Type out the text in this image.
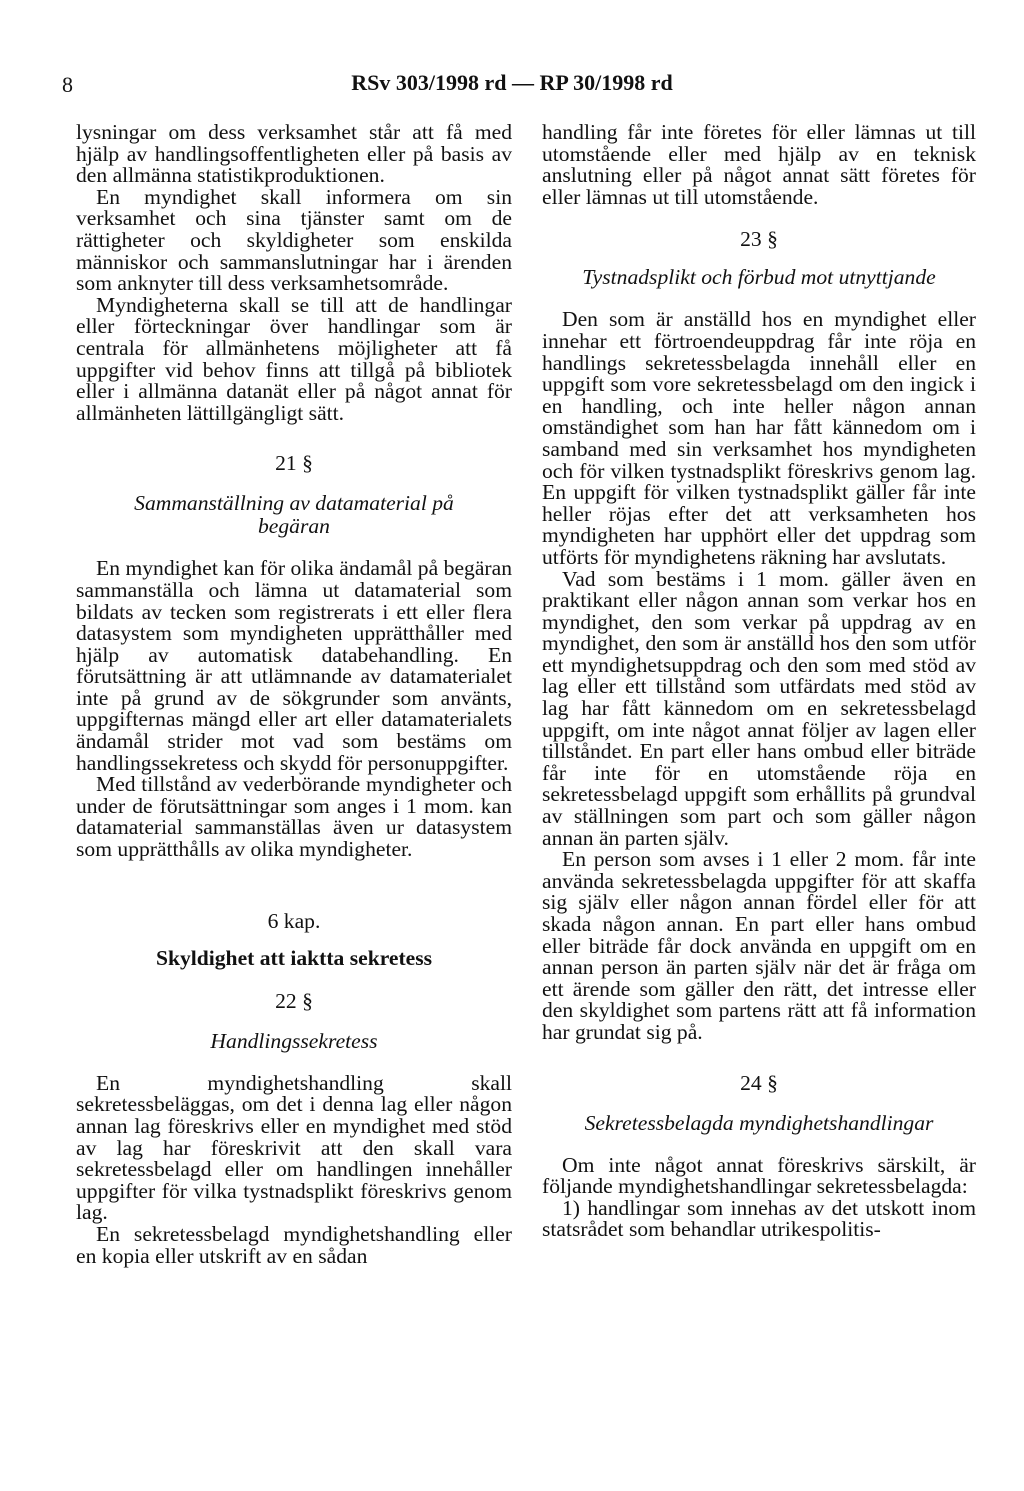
8	RSv 303/1998 rd — RP 30/1998 rd

lysningar om dess verksamhet står att få med hjälp av handlingsoffentligheten eller på basis av den allmänna statistikproduktionen.

En myndighet skall informera om sin verksamhet och sina tjänster samt om de rättigheter och skyldigheter som enskilda människor och sammanslutningar har i ärenden som anknyter till dess verksamhetsområde.

Myndigheterna skall se till att de handlingar eller förteckningar över handlingar som är centrala för allmänhetens möjligheter att få uppgifter vid behov finns att tillgå på bibliotek eller i allmänna datanät eller på något annat för allmänheten lättillgängligt sätt.

21 §
Sammanställning av datamaterial på begäran

En myndighet kan för olika ändamål på begäran sammanställa och lämna ut datamaterial som bildats av tecken som registrerats i ett eller flera datasystem som myndigheten upprätthåller med hjälp av automatisk databehandling. En förutsättning är att utlämnande av datamaterialet inte på grund av de sökgrunder som använts, uppgifternas mängd eller art eller datamaterialets ändamål strider mot vad som bestäms om handlingssekretess och skydd för personuppgifter.

Med tillstånd av vederbörande myndigheter och under de förutsättningar som anges i 1 mom. kan datamaterial sammanställas även ur datasystem som upprätthålls av olika myndigheter.

6 kap.
Skyldighet att iaktta sekretess
22 §
Handlingssekretess

En myndighetshandling skall sekretessbeläggas, om det i denna lag eller någon annan lag föreskrivs eller en myndighet med stöd av lag har föreskrivit att den skall vara sekretessbelagd eller om handlingen innehåller uppgifter för vilka tystnadsplikt föreskrivs genom lag.

En sekretessbelagd myndighetshandling eller en kopia eller utskrift av en sådan

handling får inte företes för eller lämnas ut till utomstående eller med hjälp av en teknisk anslutning eller på något annat sätt företes för eller lämnas ut till utomstående.

23 §
Tystnadsplikt och förbud mot utnyttjande

Den som är anställd hos en myndighet eller innehar ett förtroendeuppdrag får inte röja en handlings sekretessbelagda innehåll eller en uppgift som vore sekretessbelagd om den ingick i en handling, och inte heller någon annan omständighet som han har fått kännedom om i samband med sin verksamhet hos myndigheten och för vilken tystnadsplikt föreskrivs genom lag. En uppgift för vilken tystnadsplikt gäller får inte heller röjas efter det att verksamheten hos myndigheten har upphört eller det uppdrag som utförts för myndighetens räkning har avslutats.

Vad som bestäms i 1 mom. gäller även en praktikant eller någon annan som verkar hos en myndighet, den som verkar på uppdrag av en myndighet, den som är anställd hos den som utför ett myndighetsuppdrag och den som med stöd av lag eller ett tillstånd som utfärdats med stöd av lag har fått kännedom om en sekretessbelagd uppgift, om inte något annat följer av lagen eller tillståndet. En part eller hans ombud eller biträde får inte för en utomstående röja en sekretessbelagd uppgift som erhållits på grundval av ställningen som part och som gäller någon annan än parten själv.

En person som avses i 1 eller 2 mom. får inte använda sekretessbelagda uppgifter för att skaffa sig själv eller någon annan fördel eller för att skada någon annan. En part eller hans ombud eller biträde får dock använda en uppgift om en annan person än parten själv när det är fråga om ett ärende som gäller den rätt, det intresse eller den skyldighet som partens rätt att få information har grundat sig på.

24 §
Sekretessbelagda myndighetshandlingar

Om inte något annat föreskrivs särskilt, är följande myndighetshandlingar sekretessbelagda:

1) handlingar som innehas av det utskott inom statsrådet som behandlar utrikespolitis-
